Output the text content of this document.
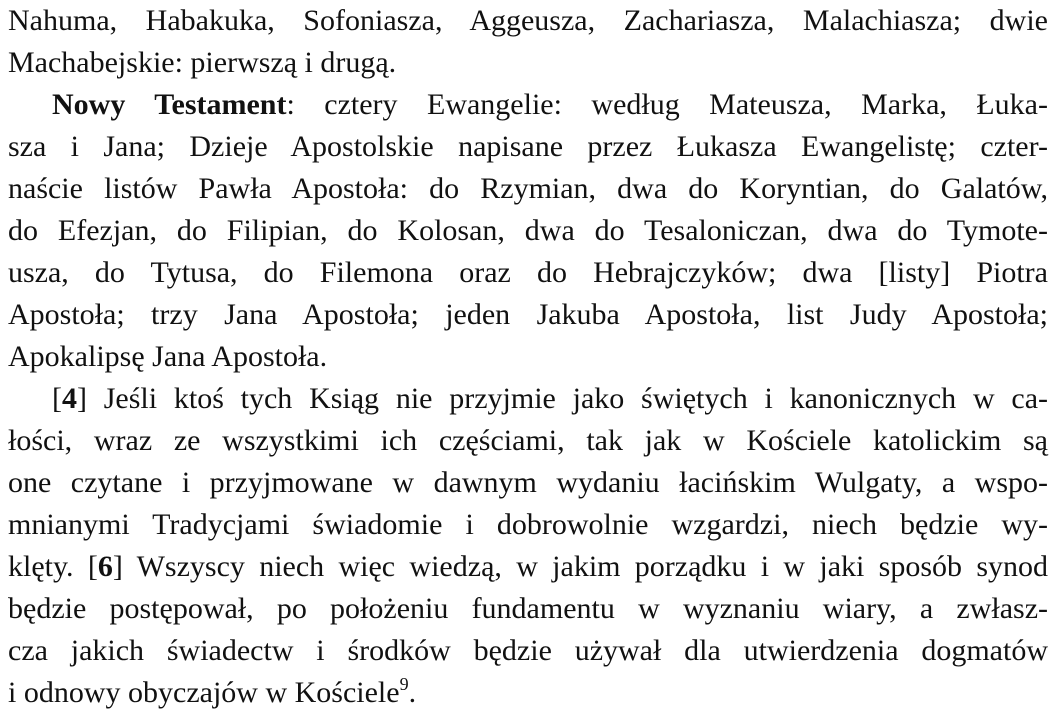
Nahuma, Habakuka, Sofoniasza, Aggeusza, Zachariasza, Malachiasza; dwie
Machabejskie: pierwszą i drugą.
Nowy Testament: cztery Ewangelie: według Mateusza, Marka, Łuka-
sza i Jana; Dzieje Apostolskie napisane przez Łukasza Ewangelistę; czter-
naście listów Pawła Apostoła: do Rzymian, dwa do Koryntian, do Galatów,
do Efezjan, do Filipian, do Kolosan, dwa do Tesaloniczan, dwa do Tymote-
usza, do Tytusa, do Filemona oraz do Hebrajczyków; dwa [listy] Piotra
Apostoła; trzy Jana Apostoła; jeden Jakuba Apostoła, list Judy Apostoła;
Apokalipsę Jana Apostoła.
[4] Jeśli ktoś tych Ksiąg nie przyjmie jako świętych i kanonicznych w ca-
łości, wraz ze wszystkimi ich częściami, tak jak w Kościele katolickim są
one czytane i przyjmowane w dawnym wydaniu łacińskim Wulgaty, a wspo-
mnianymi Tradycjami świadomie i dobrowolnie wzgardzi, niech będzie wy-
klęty. [6] Wszyscy niech więc wiedzą, w jakim porządku i w jaki sposób synod
będzie postępował, po położeniu fundamentu w wyznaniu wiary, a zwłasz-
cza jakich świadectw i środków będzie używał dla utwierdzenia dogmatów
i odnowy obyczajów w Kościele$^9$.
